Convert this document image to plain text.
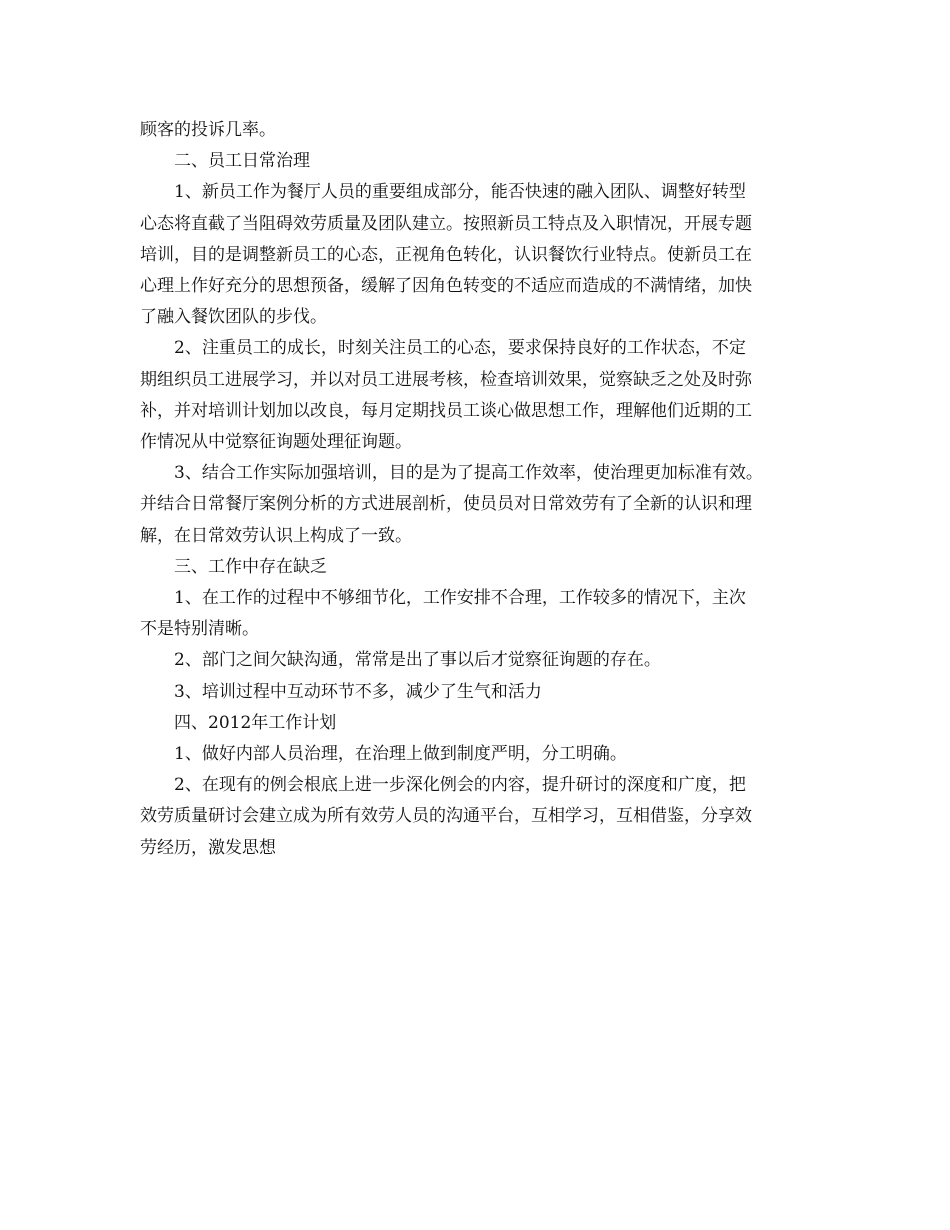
顾客的投诉几率。

二、员工日常治理

1、新员工作为餐厅人员的重要组成部分，能否快速的融入团队、调整好转型
心态将直截了当阻碍效劳质量及团队建立。按照新员工特点及入职情况，开展专题
培训，目的是调整新员工的心态，正视角色转化，认识餐饮行业特点。使新员工在
心理上作好充分的思想预备，缓解了因角色转变的不适应而造成的不满情绪，加快
了融入餐饮团队的步伐。

2、注重员工的成长，时刻关注员工的心态，要求保持良好的工作状态，不定
期组织员工进展学习，并以对员工进展考核，检查培训效果，觉察缺乏之处及时弥
补，并对培训计划加以改良，每月定期找员工谈心做思想工作，理解他们近期的工
作情况从中觉察征询题处理征询题。

3、结合工作实际加强培训，目的是为了提高工作效率，使治理更加标准有效。
并结合日常餐厅案例分析的方式进展剖析，使员员对日常效劳有了全新的认识和理
解，在日常效劳认识上构成了一致。

三、工作中存在缺乏

1、在工作的过程中不够细节化，工作安排不合理，工作较多的情况下，主次
不是特别清晰。

2、部门之间欠缺沟通，常常是出了事以后才觉察征询题的存在。

3、培训过程中互动环节不多，减少了生气和活力

四、2012年工作计划

1、做好内部人员治理，在治理上做到制度严明，分工明确。

2、在现有的例会根底上进一步深化例会的内容，提升研讨的深度和广度，把
效劳质量研讨会建立成为所有效劳人员的沟通平台，互相学习，互相借鉴，分享效
劳经历，激发思想
